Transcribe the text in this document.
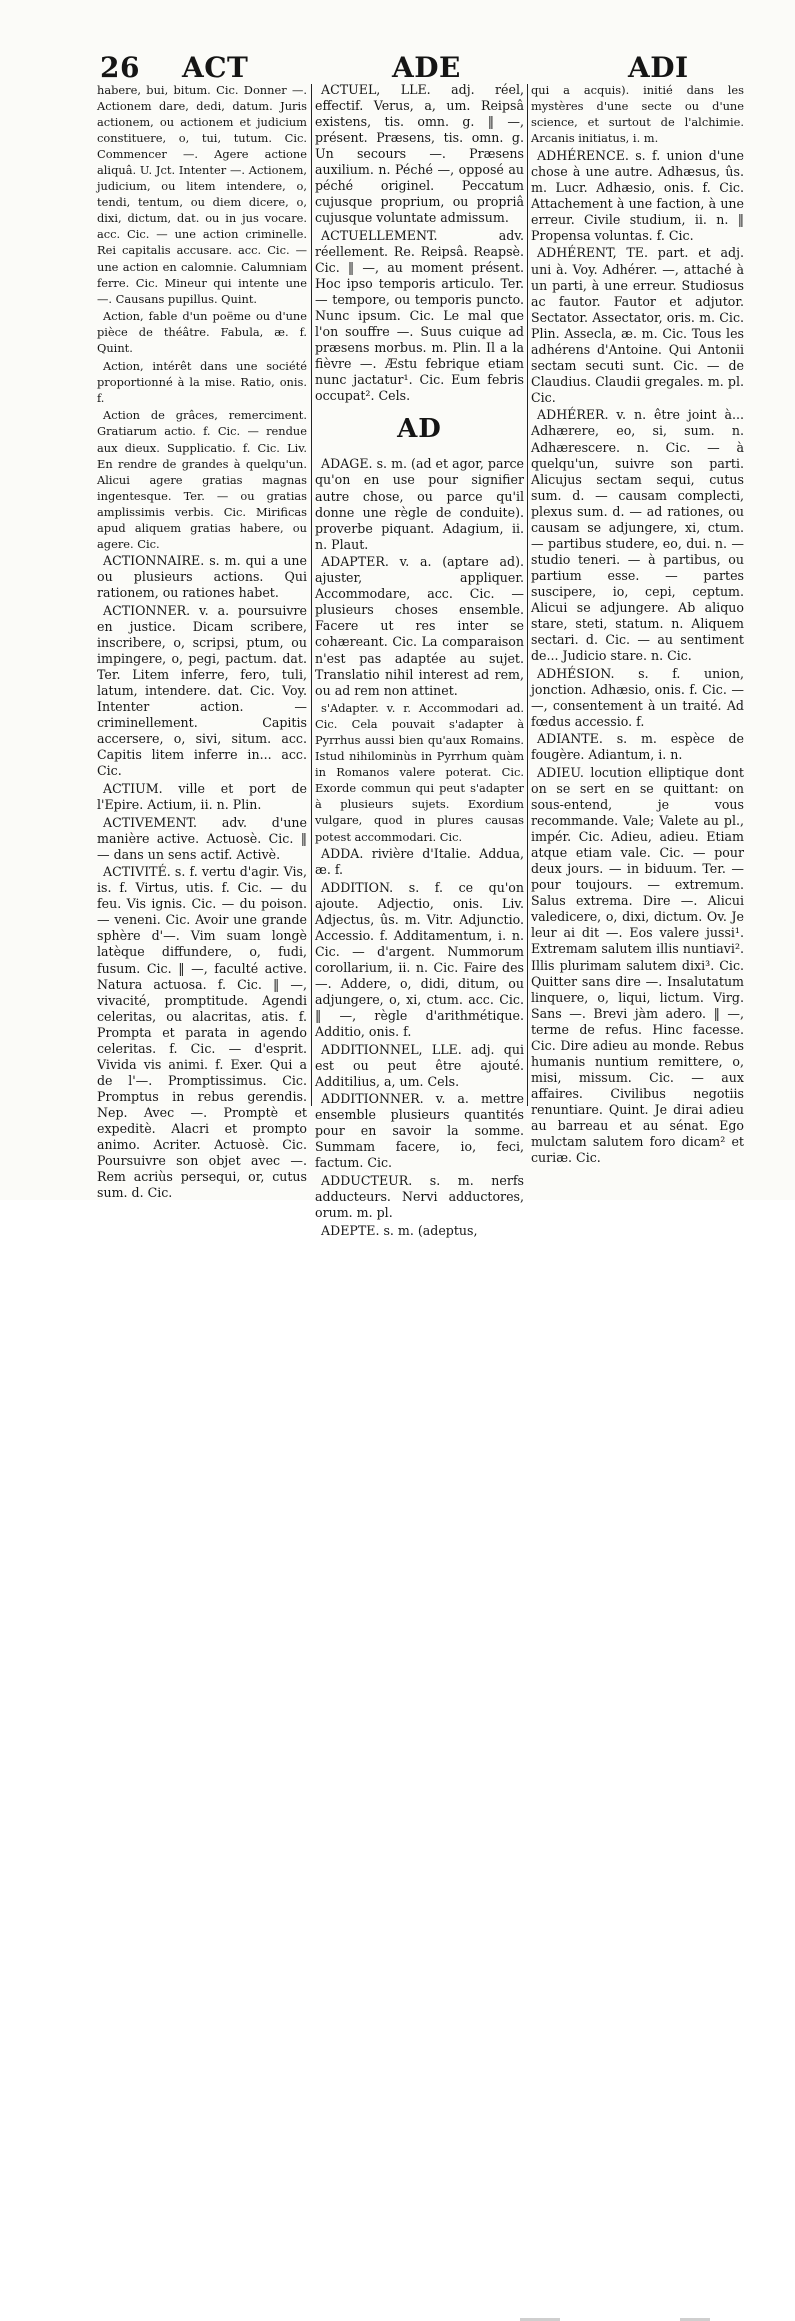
26 ACT	ADE	ADI

habere, bui, bitum. Cic. Donner —. Actionem dare, dedi, datum. Juris actionem, ou actionem et judicium constituere, o, tui, tutum. Cic. Commencer —. Agere actione aliquâ. U. Jct. Intenter —. Actionem, judicium, ou litem intendere, o, tendi, tentum, ou diem dicere, o, dixi, dictum, dat. ou in jus vocare. acc. Cic. — une action criminelle. Rei capitalis accusare. acc. Cic. — une action en calomnie. Calumniam ferre. Cic. Mineur qui intente une —. Causans pupillus. Quint.

Action, fable d'un poëme ou d'une pièce de théâtre. Fabula, æ. f. Quint.

Action, intérêt dans une société proportionné à la mise. Ratio, onis. f.

Action de grâces, remerciment. Gratiarum actio. f. Cic. — rendue aux dieux. Supplicatio. f. Cic. Liv. En rendre de grandes à quelqu'un. Alicui agere gratias magnas ingentesque. Ter. — ou gratias amplissimis verbis. Cic. Mirificas apud aliquem gratias habere, ou agere. Cic.

ACTIONNAIRE. s. m. qui a une ou plusieurs actions. Qui rationem, ou rationes habet.

ACTIONNER. v. a. poursuivre en justice. Dicam scribere, inscribere, o, scripsi, ptum, ou impingere, o, pegi, pactum. dat. Ter. Litem inferre, fero, tuli, latum, intendere. dat. Cic. Voy. Intenter action. — criminellement. Capitis accersere, o, sivi, situm. acc. Capitis litem inferre in... acc. Cic.

ACTIUM. ville et port de l'Epire. Actium, ii. n. Plin.

ACTIVEMENT. adv. d'une manière active. Actuosè. Cic. ‖ — dans un sens actif. Activè.

ACTIVITÉ. s. f. vertu d'agir. Vis, is. f. Virtus, utis. f. Cic. — du feu. Vis ignis. Cic. — du poison. — veneni. Cic. Avoir une grande sphère d'—. Vim suam longè latèque diffundere, o, fudi, fusum. Cic. ‖ —, faculté active. Natura actuosa. f. Cic. ‖ —, vivacité, promptitude. Agendi celeritas, ou alacritas, atis. f. Prompta et parata in agendo celeritas. f. Cic. — d'esprit. Vivida vis animi. f. Exer. Qui a de l'—. Promptissimus. Cic. Promptus in rebus gerendis. Nep. Avec —. Promptè et expeditè. Alacri et prompto animo. Acriter. Actuosè. Cic. Poursuivre son objet avec —. Rem acriùs persequi, or, cutus sum. d. Cic.

ACTUEL, LLE. adj. réel, effectif. Verus, a, um. Reipsâ existens, tis. omn. g. ‖ —, présent. Præsens, tis. omn. g. Un secours —. Præsens auxilium. n. Péché —, opposé au péché originel. Peccatum cujusque proprium, ou propriâ cujusque voluntate admissum.

ACTUELLEMENT. adv. réellement. Re. Reipsâ. Reapsè. Cic. ‖ —, au moment présent. Hoc ipso temporis articulo. Ter. — tempore, ou temporis puncto. Nunc ipsum. Cic. Le mal que l'on souffre —. Suus cuique ad præsens morbus. m. Plin. Il a la fièvre —. Æstu febrique etiam nunc jactatur¹. Cic. Eum febris occupat². Cels.

AD

ADAGE. s. m. (ad et agor, parce qu'on en use pour signifier autre chose, ou parce qu'il donne une règle de conduite). proverbe piquant. Adagium, ii. n. Plaut.

ADAPTER. v. a. (aptare ad). ajuster, appliquer. Accommodare, acc. Cic. — plusieurs choses ensemble. Facere ut res inter se cohæreant. Cic. La comparaison n'est pas adaptée au sujet. Translatio nihil interest ad rem, ou ad rem non attinet.

s'Adapter. v. r. Accommodari ad. Cic. Cela pouvait s'adapter à Pyrrhus aussi bien qu'aux Romains. Istud nihilominùs in Pyrrhum quàm in Romanos valere poterat. Cic. Exorde commun qui peut s'adapter à plusieurs sujets. Exordium vulgare, quod in plures causas potest accommodari. Cic.

ADDA. rivière d'Italie. Addua, æ. f.

ADDITION. s. f. ce qu'on ajoute. Adjectio, onis. Liv. Adjectus, ûs. m. Vitr. Adjunctio. Accessio. f. Additamentum, i. n. Cic. — d'argent. Nummorum corollarium, ii. n. Cic. Faire des —. Addere, o, didi, ditum, ou adjungere, o, xi, ctum. acc. Cic. ‖ —, règle d'arithmétique. Additio, onis. f.

ADDITIONNEL, LLE. adj. qui est ou peut être ajouté. Additilius, a, um. Cels.

ADDITIONNER. v. a. mettre ensemble plusieurs quantités pour en savoir la somme. Summam facere, io, feci, factum. Cic.

ADDUCTEUR. s. m. nerfs adducteurs. Nervi adductores, orum. m. pl.

ADEPTE. s. m. (adeptus,

qui a acquis). initié dans les mystères d'une secte ou d'une science, et surtout de l'alchimie. Arcanis initiatus, i. m.

ADHÉRENCE. s. f. union d'une chose à une autre. Adhæsus, ûs. m. Lucr. Adhæsio, onis. f. Cic. Attachement à une faction, à une erreur. Civile studium, ii. n. ‖ Propensa voluntas. f. Cic.

ADHÉRENT, TE. part. et adj. uni à. Voy. Adhérer. —, attaché à un parti, à une erreur. Studiosus ac fautor. Fautor et adjutor. Sectator. Assectator, oris. m. Cic. Plin. Assecla, æ. m. Cic. Tous les adhérens d'Antoine. Qui Antonii sectam secuti sunt. Cic. — de Claudius. Claudii gregales. m. pl. Cic.

ADHÉRER. v. n. être joint à... Adhærere, eo, si, sum. n. Adhærescere. n. Cic. — à quelqu'un, suivre son parti. Alicujus sectam sequi, cutus sum. d. — causam complecti, plexus sum. d. — ad rationes, ou causam se adjungere, xi, ctum. — partibus studere, eo, dui. n. — studio teneri. — à partibus, ou partium esse. — partes suscipere, io, cepi, ceptum. Alicui se adjungere. Ab aliquo stare, steti, statum. n. Aliquem sectari. d. Cic. — au sentiment de... Judicio stare. n. Cic.

ADHÉSION. s. f. union, jonction. Adhæsio, onis. f. Cic. — —, consentement à un traité. Ad fœdus accessio. f.

ADIANTE. s. m. espèce de fougère. Adiantum, i. n.

ADIEU. locution elliptique dont on se sert en se quittant: on sous-entend, je vous recommande. Vale; Valete au pl., impér. Cic. Adieu, adieu. Etiam atque etiam vale. Cic. — pour deux jours. — in biduum. Ter. — pour toujours. — extremum. Salus extrema. Dire —. Alicui valedicere, o, dixi, dictum. Ov. Je leur ai dit —. Eos valere jussi¹. Extremam salutem illis nuntiavi². Illis plurimam salutem dixi³. Cic. Quitter sans dire —. Insalutatum linquere, o, liqui, lictum. Virg. Sans —. Brevi jàm adero. ‖ —, terme de refus. Hinc facesse. Cic. Dire adieu au monde. Rebus humanis nuntium remittere, o, misi, missum. Cic. — aux affaires. Civilibus negotiis renuntiare. Quint. Je dirai adieu au barreau et au sénat. Ego mulctam salutem foro dicam² et curiæ. Cic.
